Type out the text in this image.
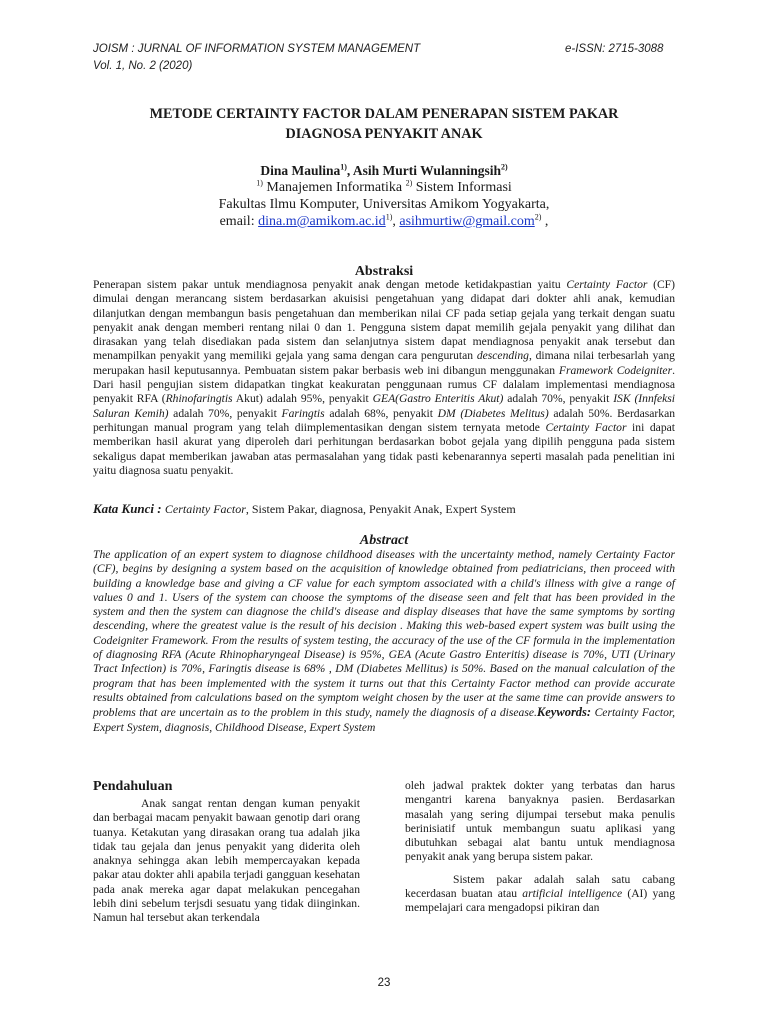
JOISM : JURNAL OF INFORMATION SYSTEM MANAGEMENT	e-ISSN: 2715-3088
Vol. 1, No. 2 (2020)
METODE CERTAINTY FACTOR DALAM PENERAPAN SISTEM PAKAR
DIAGNOSA PENYAKIT ANAK
Dina Maulina$^{1)}$, Asih Murti Wulanningsih$^{2)}$
$^{1)}$ Manajemen Informatika $^{2)}$ Sistem Informasi
Fakultas Ilmu Komputer, Universitas Amikom Yogyakarta,
email: $dina.m@amikom.ac.id^{1)}$, asihmurtiw@gmail.com$^{2)}$ ,
Abstraksi
Penerapan sistem pakar untuk mendiagnosa penyakit anak dengan metode ketidakpastian yaitu Certainty Factor (CF) dimulai dengan merancang sistem berdasarkan akuisisi pengetahuan yang didapat dari dokter ahli anak, kemudian dilanjutkan dengan membangun basis pengetahuan dan memberikan nilai CF pada setiap gejala yang terkait dengan suatu penyakit anak dengan memberi rentang nilai 0 dan 1. Pengguna sistem dapat memilih gejala penyakit yang dilihat dan dirasakan yang telah disediakan pada sistem dan selanjutnya sistem dapat mendiagnosa penyakit anak tersebut dan menampilkan penyakit yang memiliki gejala yang sama dengan cara pengurutan descending, dimana nilai terbesarlah yang merupakan hasil keputusannya. Pembuatan sistem pakar berbasis web ini dibangun menggunakan Framework Codeigniter. Dari hasil pengujian sistem didapatkan tingkat keakuratan penggunaan rumus CF dalalam implementasi mendiagnosa penyakit RFA (Rhinofaringtis Akut) adalah 95%, penyakit GEA(Gastro Enteritis Akut) adalah 70%, penyakit ISK (Innfeksi Saluran Kemih) adalah 70%, penyakit Faringtis adalah 68%, penyakit DM (Diabetes Melitus) adalah 50%. Berdasarkan perhitungan manual program yang telah diimplementasikan dengan sistem ternyata metode Certainty Factor ini dapat memberikan hasil akurat yang diperoleh dari perhitungan berdasarkan bobot gejala yang dipilih pengguna pada sistem sekaligus dapat memberikan jawaban atas permasalahan yang tidak pasti kebenarannya seperti masalah pada penelitian ini yaitu diagnosa suatu penyakit.
Kata Kunci : Certainty Factor, Sistem Pakar, diagnosa, Penyakit Anak, Expert System
Abstract
The application of an expert system to diagnose childhood diseases with the uncertainty method, namely Certainty Factor (CF), begins by designing a system based on the acquisition of knowledge obtained from pediatricians, then proceed with building a knowledge base and giving a CF value for each symptom associated with a child's illness with give a range of values 0 and 1. Users of the system can choose the symptoms of the disease seen and felt that has been provided in the system and then the system can diagnose the child's disease and display diseases that have the same symptoms by sorting descending, where the greatest value is the result of his decision . Making this web-based expert system was built using the Codeigniter Framework. From the results of system testing, the accuracy of the use of the CF formula in the implementation of diagnosing RFA (Acute Rhinopharyngeal Disease) is 95%, GEA (Acute Gastro Enteritis) disease is 70%, UTI (Urinary Tract Infection) is 70%, Faringtis disease is 68% , DM (Diabetes Mellitus) is 50%. Based on the manual calculation of the program that has been implemented with the system it turns out that this Certainty Factor method can provide accurate results obtained from calculations based on the symptom weight chosen by the user at the same time can provide answers to problems that are uncertain as to the problem in this study, namely the diagnosis of a disease.Keywords: Certainty Factor, Expert System, diagnosis, Childhood Disease, Expert System
Pendahuluan
Anak sangat rentan dengan kuman penyakit dan berbagai macam penyakit bawaan genotip dari orang tuanya. Ketakutan yang dirasakan orang tua adalah jika tidak tau gejala dan jenus penyakit yang diderita oleh anaknya sehingga akan lebih mempercayakan kepada pakar atau dokter ahli apabila terjadi gangguan kesehatan pada anak mereka agar dapat melakukan pencegahan lebih dini sebelum terjsdi sesuatu yang tidak diinginkan. Namun hal tersebut akan terkendala
oleh jadwal praktek dokter yang terbatas dan harus mengantri karena banyaknya pasien. Berdasarkan masalah yang sering dijumpai tersebut maka penulis berinisiatif untuk membangun suatu aplikasi yang dibutuhkan sebagai alat bantu untuk mendiagnosa penyakit anak yang berupa sistem pakar.
Sistem pakar adalah salah satu cabang kecerdasan buatan atau artificial intelligence (AI) yang mempelajari cara mengadopsi pikiran dan
23
